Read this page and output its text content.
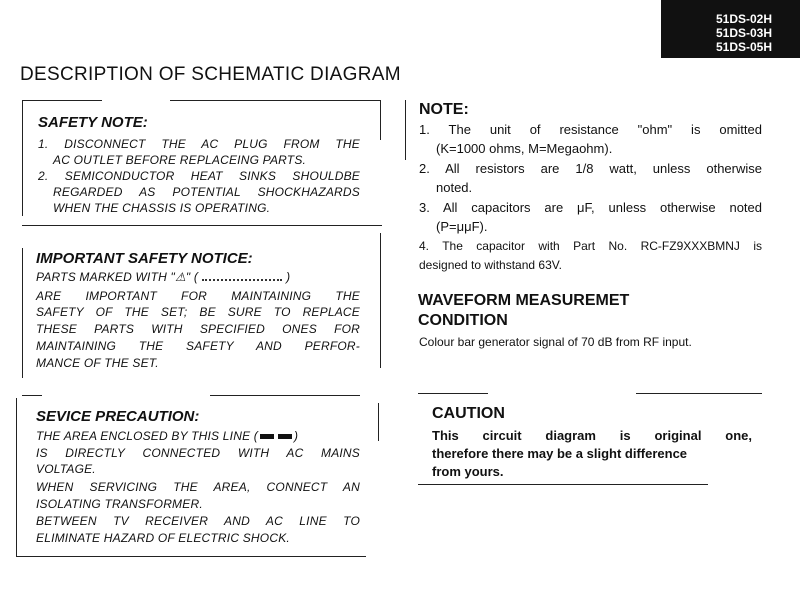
51DS-02H
51DS-03H
51DS-05H
DESCRIPTION OF SCHEMATIC DIAGRAM
SAFETY NOTE:
1. DISCONNECT THE AC PLUG FROM THE
AC OUTLET BEFORE REPLACEING PARTS.
2. SEMICONDUCTOR HEAT SINKS SHOULDBE
REGARDED AS POTENTIAL SHOCKHAZARDS
WHEN THE CHASSIS IS OPERATING.
IMPORTANT SAFETY NOTICE:
PARTS MARKED WITH "⚠" (	)
ARE IMPORTANT FOR MAINTAINING THE
SAFETY OF THE SET; BE SURE TO REPLACE
THESE PARTS WITH SPECIFIED ONES FOR
MAINTAINING THE SAFETY AND PERFOR-
MANCE OF THE SET.
SEVICE PRECAUTION:
THE AREA ENCLOSED BY THIS LINE (	)
IS DIRECTLY CONNECTED WITH AC MAINS
VOLTAGE.
WHEN SERVICING THE AREA, CONNECT AN
ISOLATING TRANSFORMER.
BETWEEN TV RECEIVER AND AC LINE TO
ELIMINATE HAZARD OF ELECTRIC SHOCK.
NOTE:
1. The unit of resistance "ohm" is omitted
(K=1000 ohms, M=Megaohm).
2. All resistors are 1/8 watt, unless otherwise
noted.
3. All capacitors are μF, unless otherwise noted
(P=μμF).
4. The capacitor with Part No. RC-FZ9XXXBMNJ is
designed to withstand 63V.
WAVEFORM MEASUREMET
CONDITION
Colour bar generator signal of 70 dB from RF input.
CAUTION
This circuit diagram is original one,
therefore there may be a slight difference
from yours.
